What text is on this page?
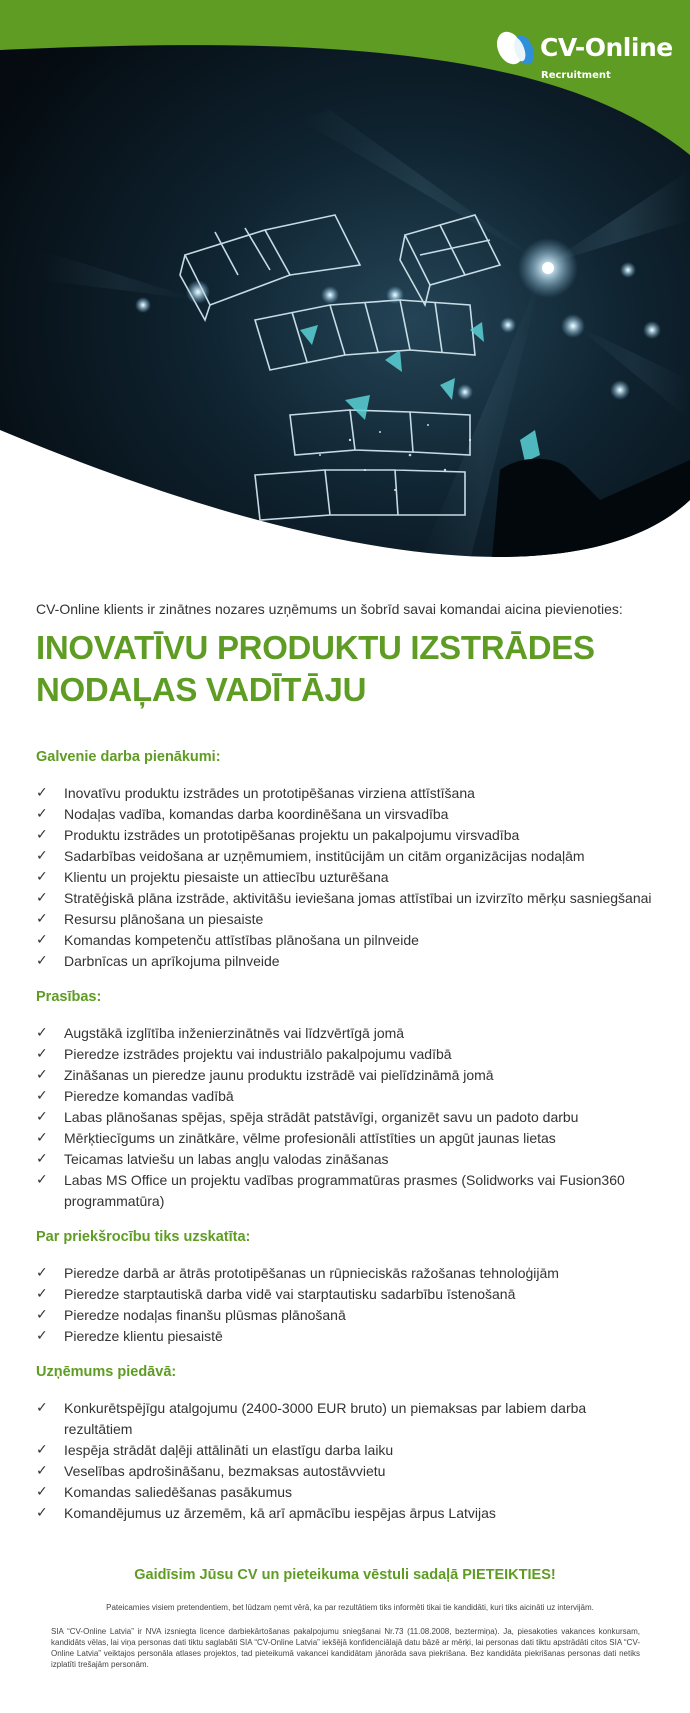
CV-Online
Recruitment

CV-Online klients ir zinātnes nozares uzņēmums un šobrīd savai komandai aicina pievienoties:

INOVATĪVU PRODUKTU IZSTRĀDES
NODAĻAS VADĪTĀJU
Galvenie darba pienākumi:
✓ Inovatīvu produktu izstrādes un prototipēšanas virziena attīstīšana
✓ Nodaļas vadība, komandas darba koordinēšana un virsvadība
✓ Produktu izstrādes un prototipēšanas projektu un pakalpojumu virsvadība
✓ Sadarbības veidošana ar uzņēmumiem, institūcijām un citām organizācijas nodaļām
✓ Klientu un projektu piesaiste un attiecību uzturēšana
✓ Stratēģiskā plāna izstrāde, aktivitāšu ieviešana jomas attīstībai un izvirzīto mērķu sasniegšanai
✓ Resursu plānošana un piesaiste
✓ Komandas kompetenču attīstības plānošana un pilnveide
✓ Darbnīcas un aprīkojuma pilnveide
Prasības:
✓ Augstākā izglītība inženierzinātnēs vai līdzvērtīgā jomā
✓ Pieredze izstrādes projektu vai industriālo pakalpojumu vadībā
✓ Zināšanas un pieredze jaunu produktu izstrādē vai pielīdzināmā jomā
✓ Pieredze komandas vadībā
✓ Labas plānošanas spējas, spēja strādāt patstāvīgi, organizēt savu un padoto darbu
✓ Mērķtiecīgums un zinātkāre, vēlme profesionāli attīstīties un apgūt jaunas lietas
✓ Teicamas latviešu un labas angļu valodas zināšanas
✓ Labas MS Office un projektu vadības programmatūras prasmes (Solidworks vai Fusion360 programmatūra)
Par priekšrocību tiks uzskatīta:
✓ Pieredze darbā ar ātrās prototipēšanas un rūpnieciskās ražošanas tehnoloģijām
✓ Pieredze starptautiskā darba vidē vai starptautisku sadarbību īstenošanā
✓ Pieredze nodaļas finanšu plūsmas plānošanā
✓ Pieredze klientu piesaistē
Uzņēmums piedāvā:
✓ Konkurētspējīgu atalgojumu (2400-3000 EUR bruto) un piemaksas par labiem darba rezultātiem
✓ Iespēja strādāt daļēji attālināti un elastīgu darba laiku
✓ Veselības apdrošināšanu, bezmaksas autostāvvietu
✓ Komandas saliedēšanas pasākumus
✓ Komandējumus uz ārzemēm, kā arī apmācību iespējas ārpus Latvijas
Gaidīsim Jūsu CV un pieteikuma vēstuli sadaļā PIETEIKTIES!
Pateicamies visiem pretendentiem, bet lūdzam ņemt vērā, ka par rezultātiem tiks informēti tikai tie kandidāti, kuri tiks aicināti uz intervijām.
SIA “CV-Online Latvia” ir NVA izsniegta licence darbiekārtošanas pakalpojumu sniegšanai Nr.73 (11.08.2008, beztermiņa). Ja, piesakoties vakances konkursam, kandidāts vēlas, lai viņa personas dati tiktu saglabāti SIA “CV-Online Latvia” iekšējā konfidenciālajā datu bāzē ar mērķi, lai personas dati tiktu apstrādāti citos SIA “CV-Online Latvia” veiktajos personāla atlases projektos, tad pieteikumā vakancei kandidātam jānorāda sava piekrišana. Bez kandidāta piekrišanas personas dati netiks izplatīti trešajām personām.
